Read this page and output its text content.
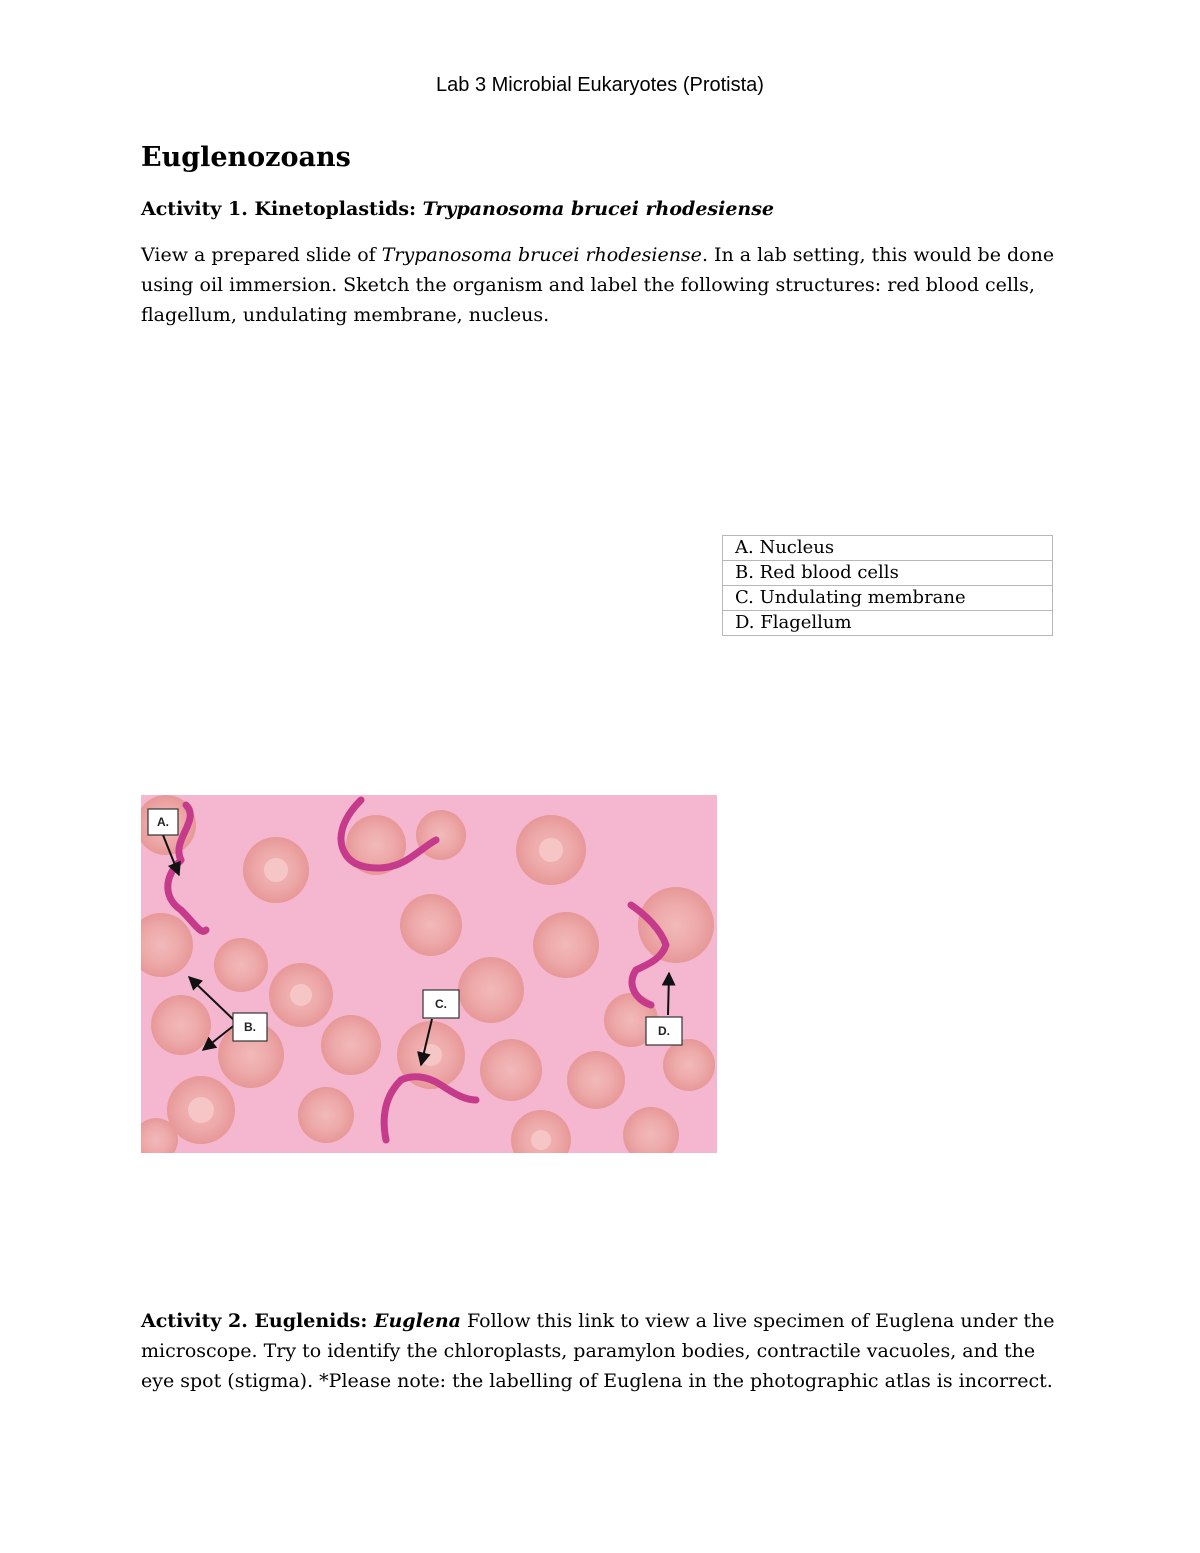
Lab 3 Microbial Eukaryotes (Protista)
Euglenozoans
Activity 1. Kinetoplastids: Trypanosoma brucei rhodesiense

View a prepared slide of Trypanosoma brucei rhodesiense. In a lab setting, this would be done using oil immersion. Sketch the organism and label the following structures: red blood cells, flagellum, undulating membrane, nucleus.

A. Nucleus
B. Red blood cells
C. Undulating membrane
D. Flagellum
A.
B.
C.
D.

Activity 2. Euglenids: Euglena Follow this link to view a live specimen of Euglena under the microscope. Try to identify the chloroplasts, paramylon bodies, contractile vacuoles, and the eye spot (stigma). *Please note: the labelling of Euglena in the photographic atlas is incorrect.
